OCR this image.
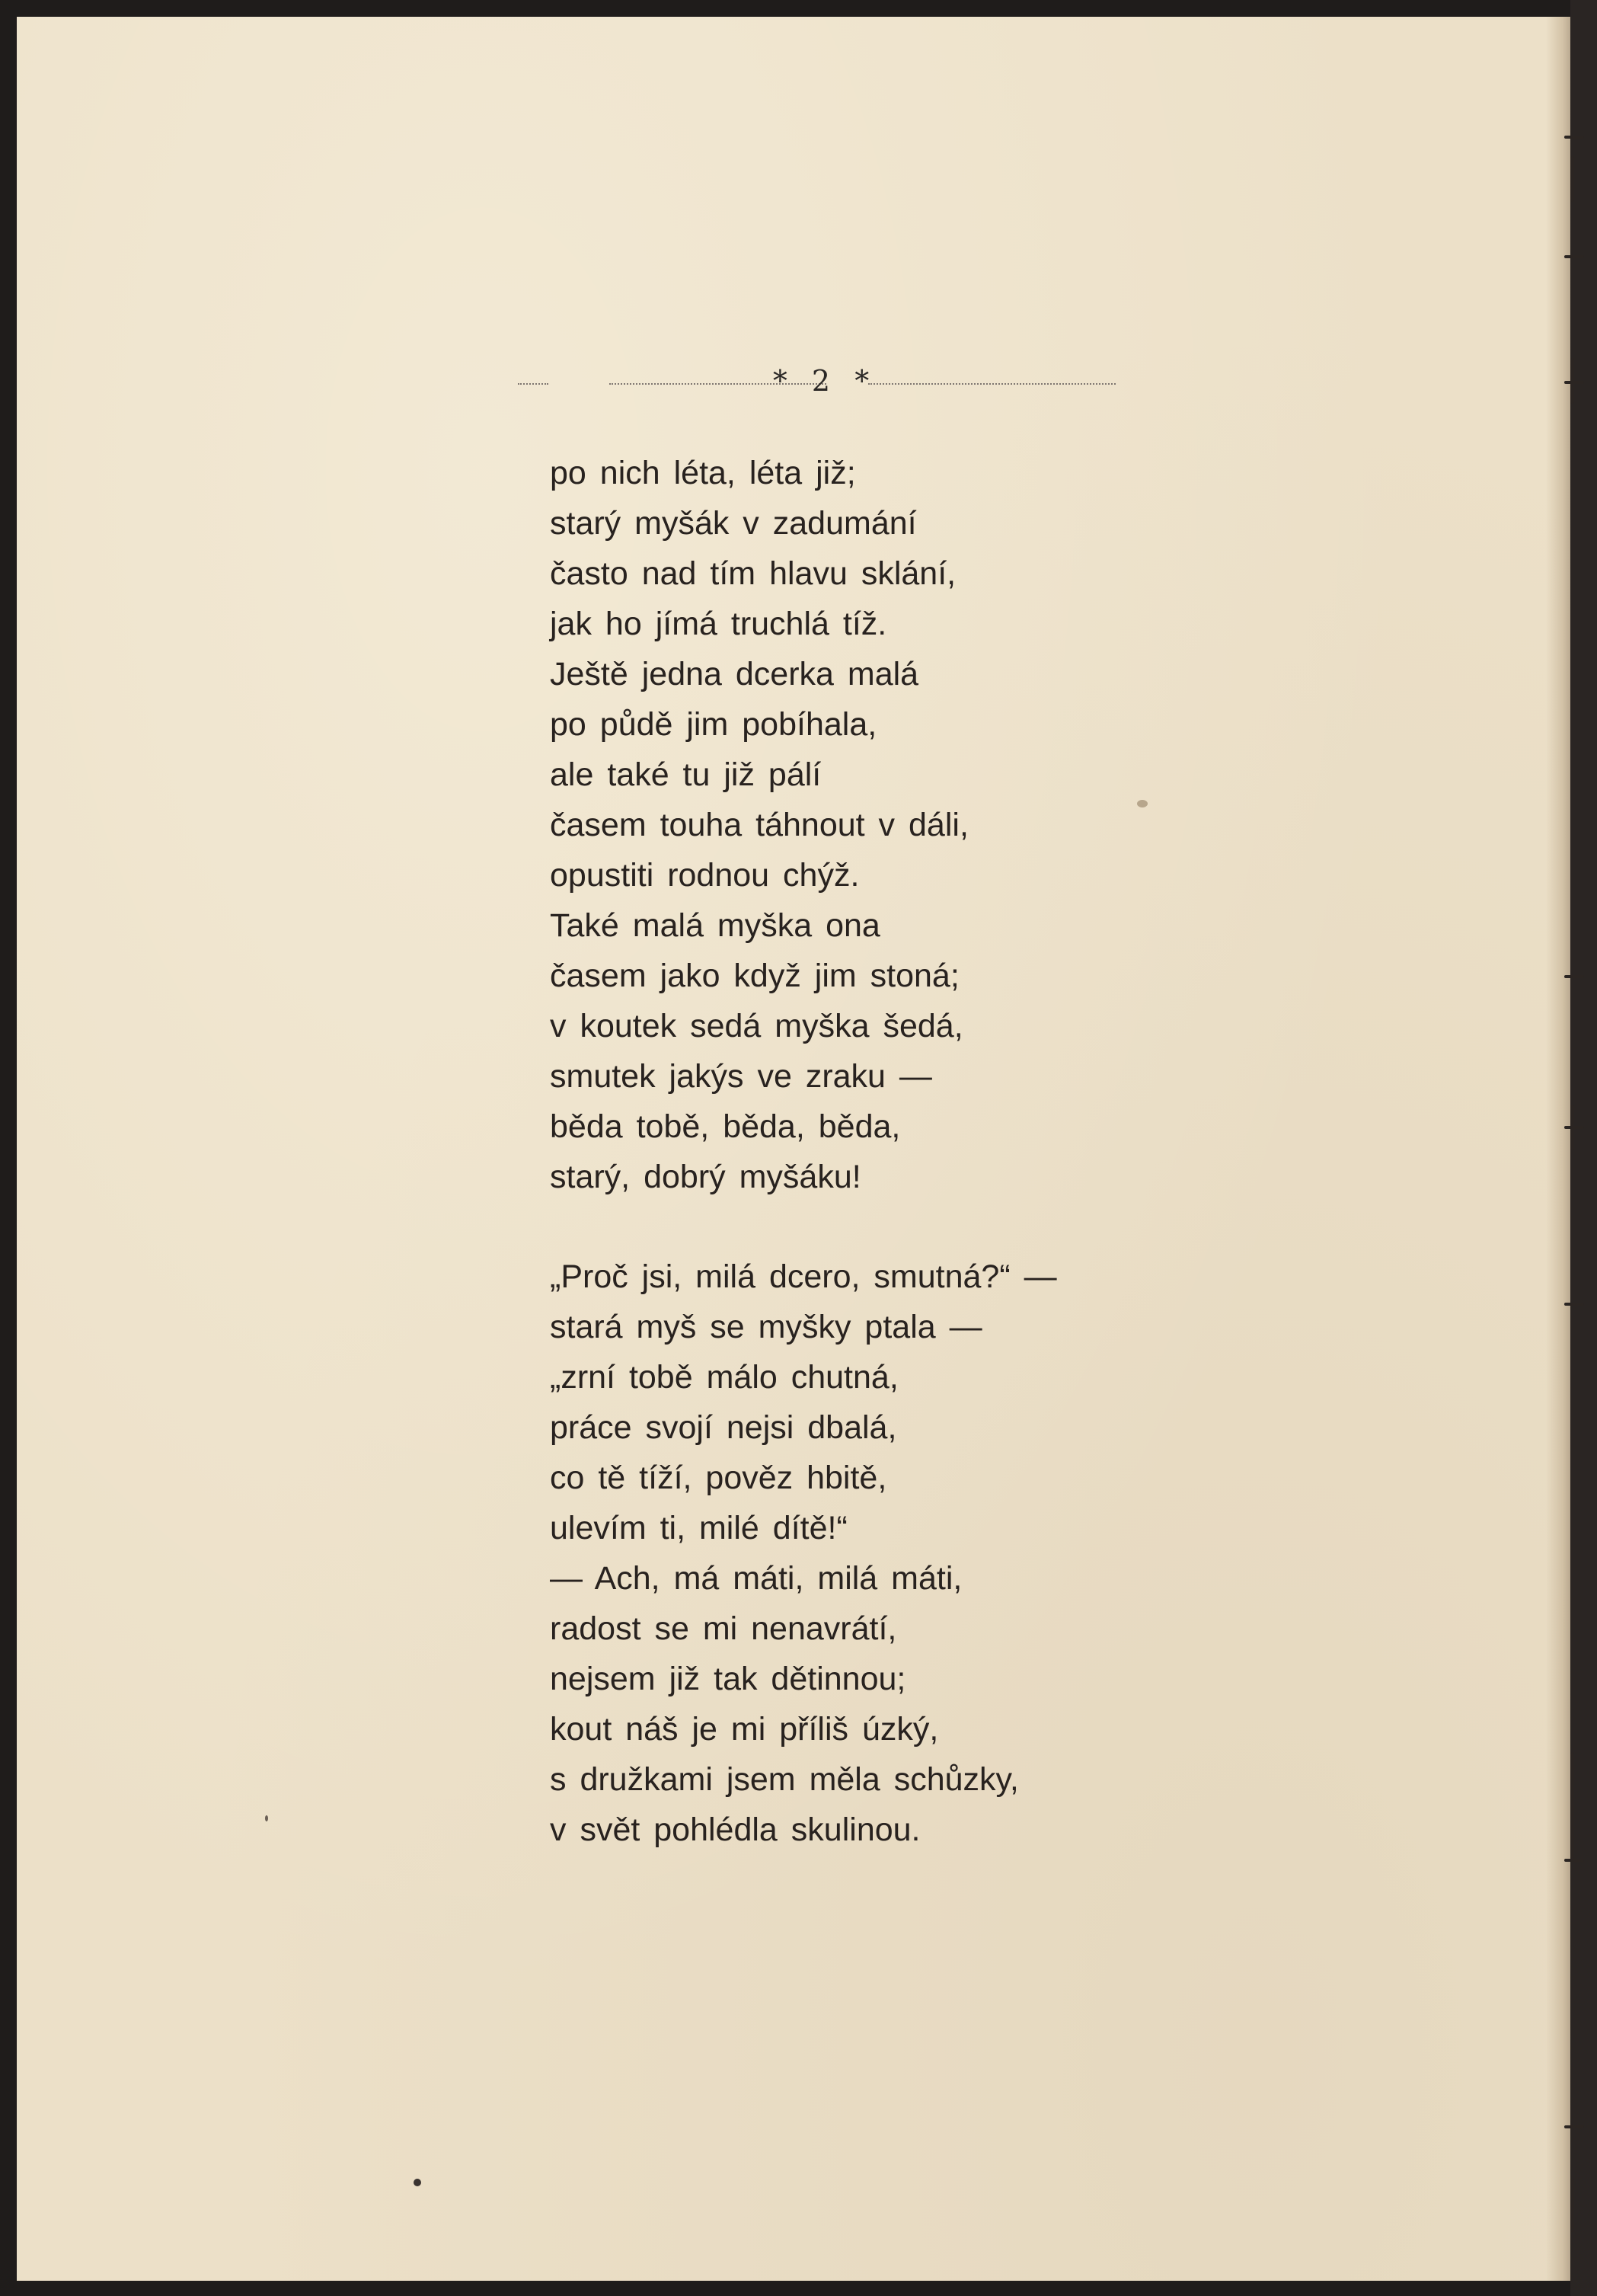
* 2 *
po nich léta, léta již;
starý myšák v zadumání
často nad tím hlavu sklání,
jak ho jímá truchlá tíž.
Ještě jedna dcerka malá
po půdě jim pobíhala,
ale také tu již pálí
časem touha táhnout v dáli,
opustiti rodnou chýž.
Také malá myška ona
časem jako když jim stoná;
v koutek sedá myška šedá,
smutek jakýs ve zraku —
běda tobě, běda, běda,
starý, dobrý myšáku!
„Proč jsi, milá dcero, smutná?“ —
stará myš se myšky ptala —
„zrní tobě málo chutná,
práce svojí nejsi dbalá,
co tě tíží, pověz hbitě,
ulevím ti, milé dítě!“
— Ach, má máti, milá máti,
radost se mi nenavrátí,
nejsem již tak dětinnou;
kout náš je mi příliš úzký,
s družkami jsem měla schůzky,
v svět pohlédla skulinou.
